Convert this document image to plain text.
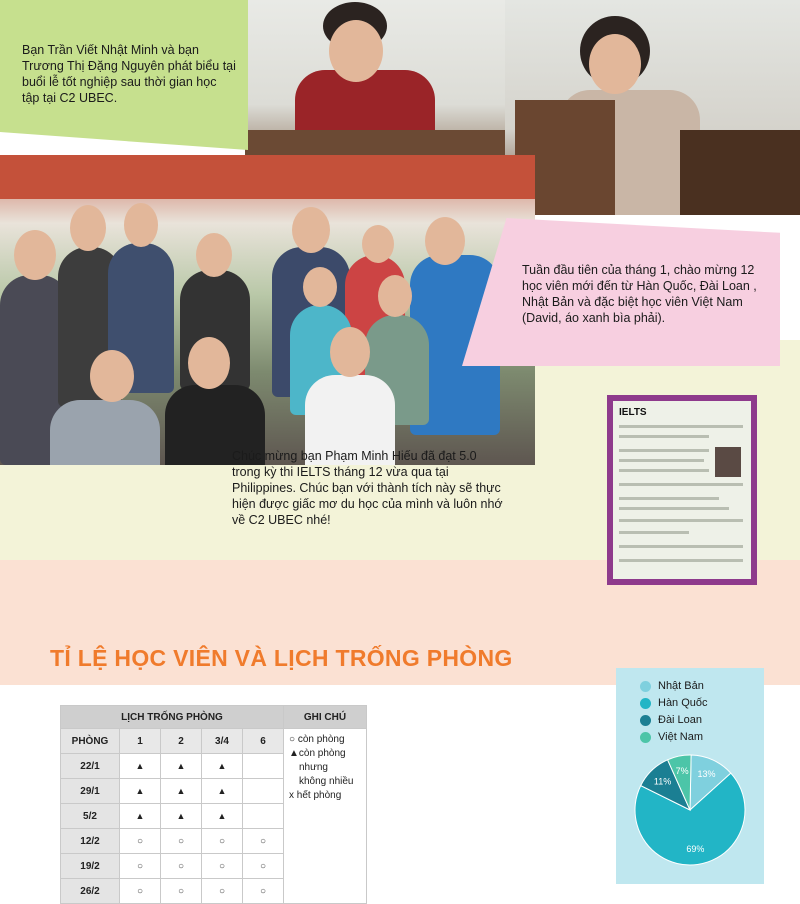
Bạn Trần Viết Nhật Minh và bạn Trương Thị Đặng Nguyên phát biểu tại buổi lễ tốt nghiệp sau thời gian học tập tại C2 UBEC.
Tuần đầu tiên của tháng 1, chào mừng 12 học viên mới đến từ Hàn Quốc, Đài Loan , Nhật Bản và đặc biệt học viên Việt Nam (David, áo xanh bìa phải).
Chúc mừng bạn Phạm Minh Hiếu đã đạt 5.0 trong kỳ thi IELTS tháng 12 vừa qua tại Philippines. Chúc bạn với thành tích này sẽ thực hiện được giấc mơ du học của mình và luôn nhớ về C2 UBEC nhé!
IELTS
TỈ LỆ HỌC VIÊN VÀ LỊCH TRỐNG PHÒNG
LỊCH TRỐNG PHÒNG					GHI CHÚ
PHÒNG	1	2	3/4	6	○ còn phòng
▲còn phòng
nhưng
không nhiều
x hết phòng

22/1	▲	▲	▲		
29/1	▲	▲	▲		
5/2	▲	▲	▲		
12/2	○	○	○	○	
19/2	○	○	○	○	
26/2	○	○	○	○	
Nhật Bản
Hàn Quốc
Đài Loan
Việt Nam
13%
69%
11%
7%
